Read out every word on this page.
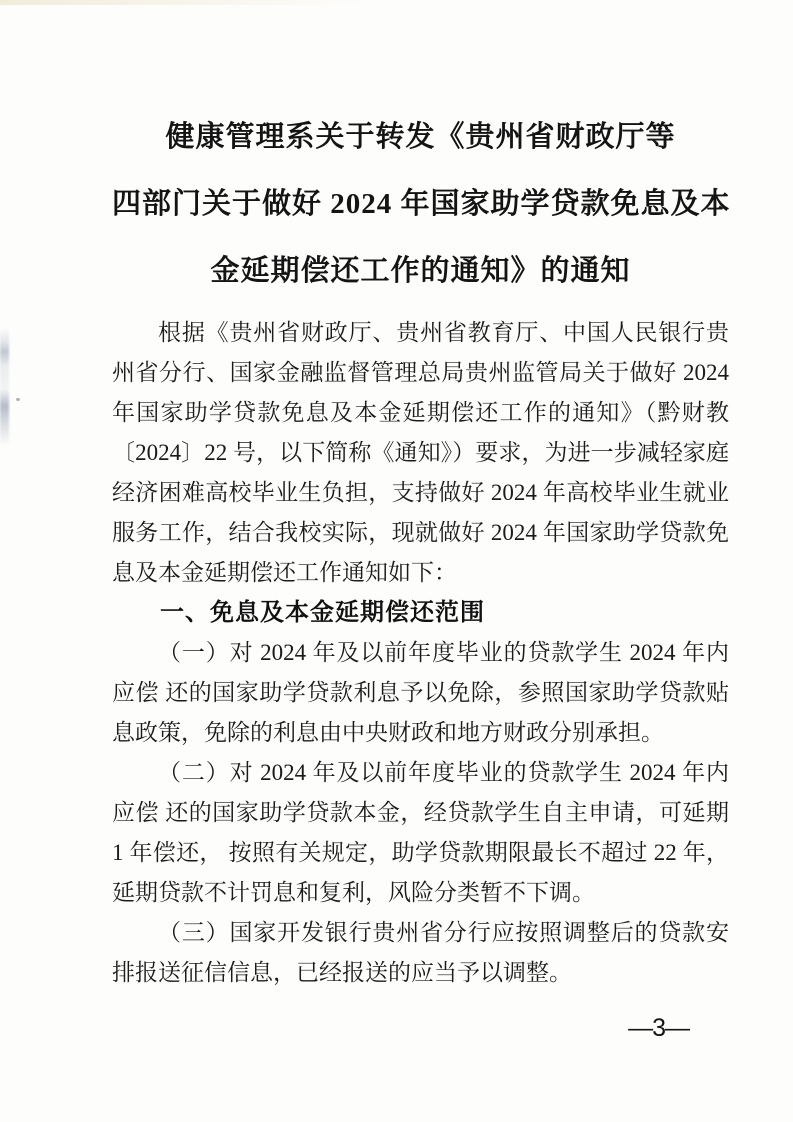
健康管理系关于转发《贵州省财政厅等
四部门关于做好 2024 年国家助学贷款免息及本
金延期偿还工作的通知》的通知

根据《贵州省财政厅、贵州省教育厅、中国人民银行贵州省分行、国家金融监督管理总局贵州监管局关于做好 2024 年国家助学贷款免息及本金延期偿还工作的通知》（黔财教〔2024〕22 号，以下简称《通知》）要求，为进一步减轻家庭经济困难高校毕业生负担，支持做好 2024 年高校毕业生就业服务工作，结合我校实际，现就做好 2024 年国家助学贷款免息及本金延期偿还工作通知如下：

一、免息及本金延期偿还范围

（一）对 2024 年及以前年度毕业的贷款学生 2024 年内应偿 还的国家助学贷款利息予以免除，参照国家助学贷款贴息政策，免除的利息由中央财政和地方财政分别承担。

（二）对 2024 年及以前年度毕业的贷款学生 2024 年内应偿 还的国家助学贷款本金，经贷款学生自主申请，可延期 1 年偿还， 按照有关规定，助学贷款期限最长不超过 22 年，延期贷款不计罚息和复利，风险分类暂不下调。

（三）国家开发银行贵州省分行应按照调整后的贷款安排报送征信信息，已经报送的应当予以调整。

—3—
